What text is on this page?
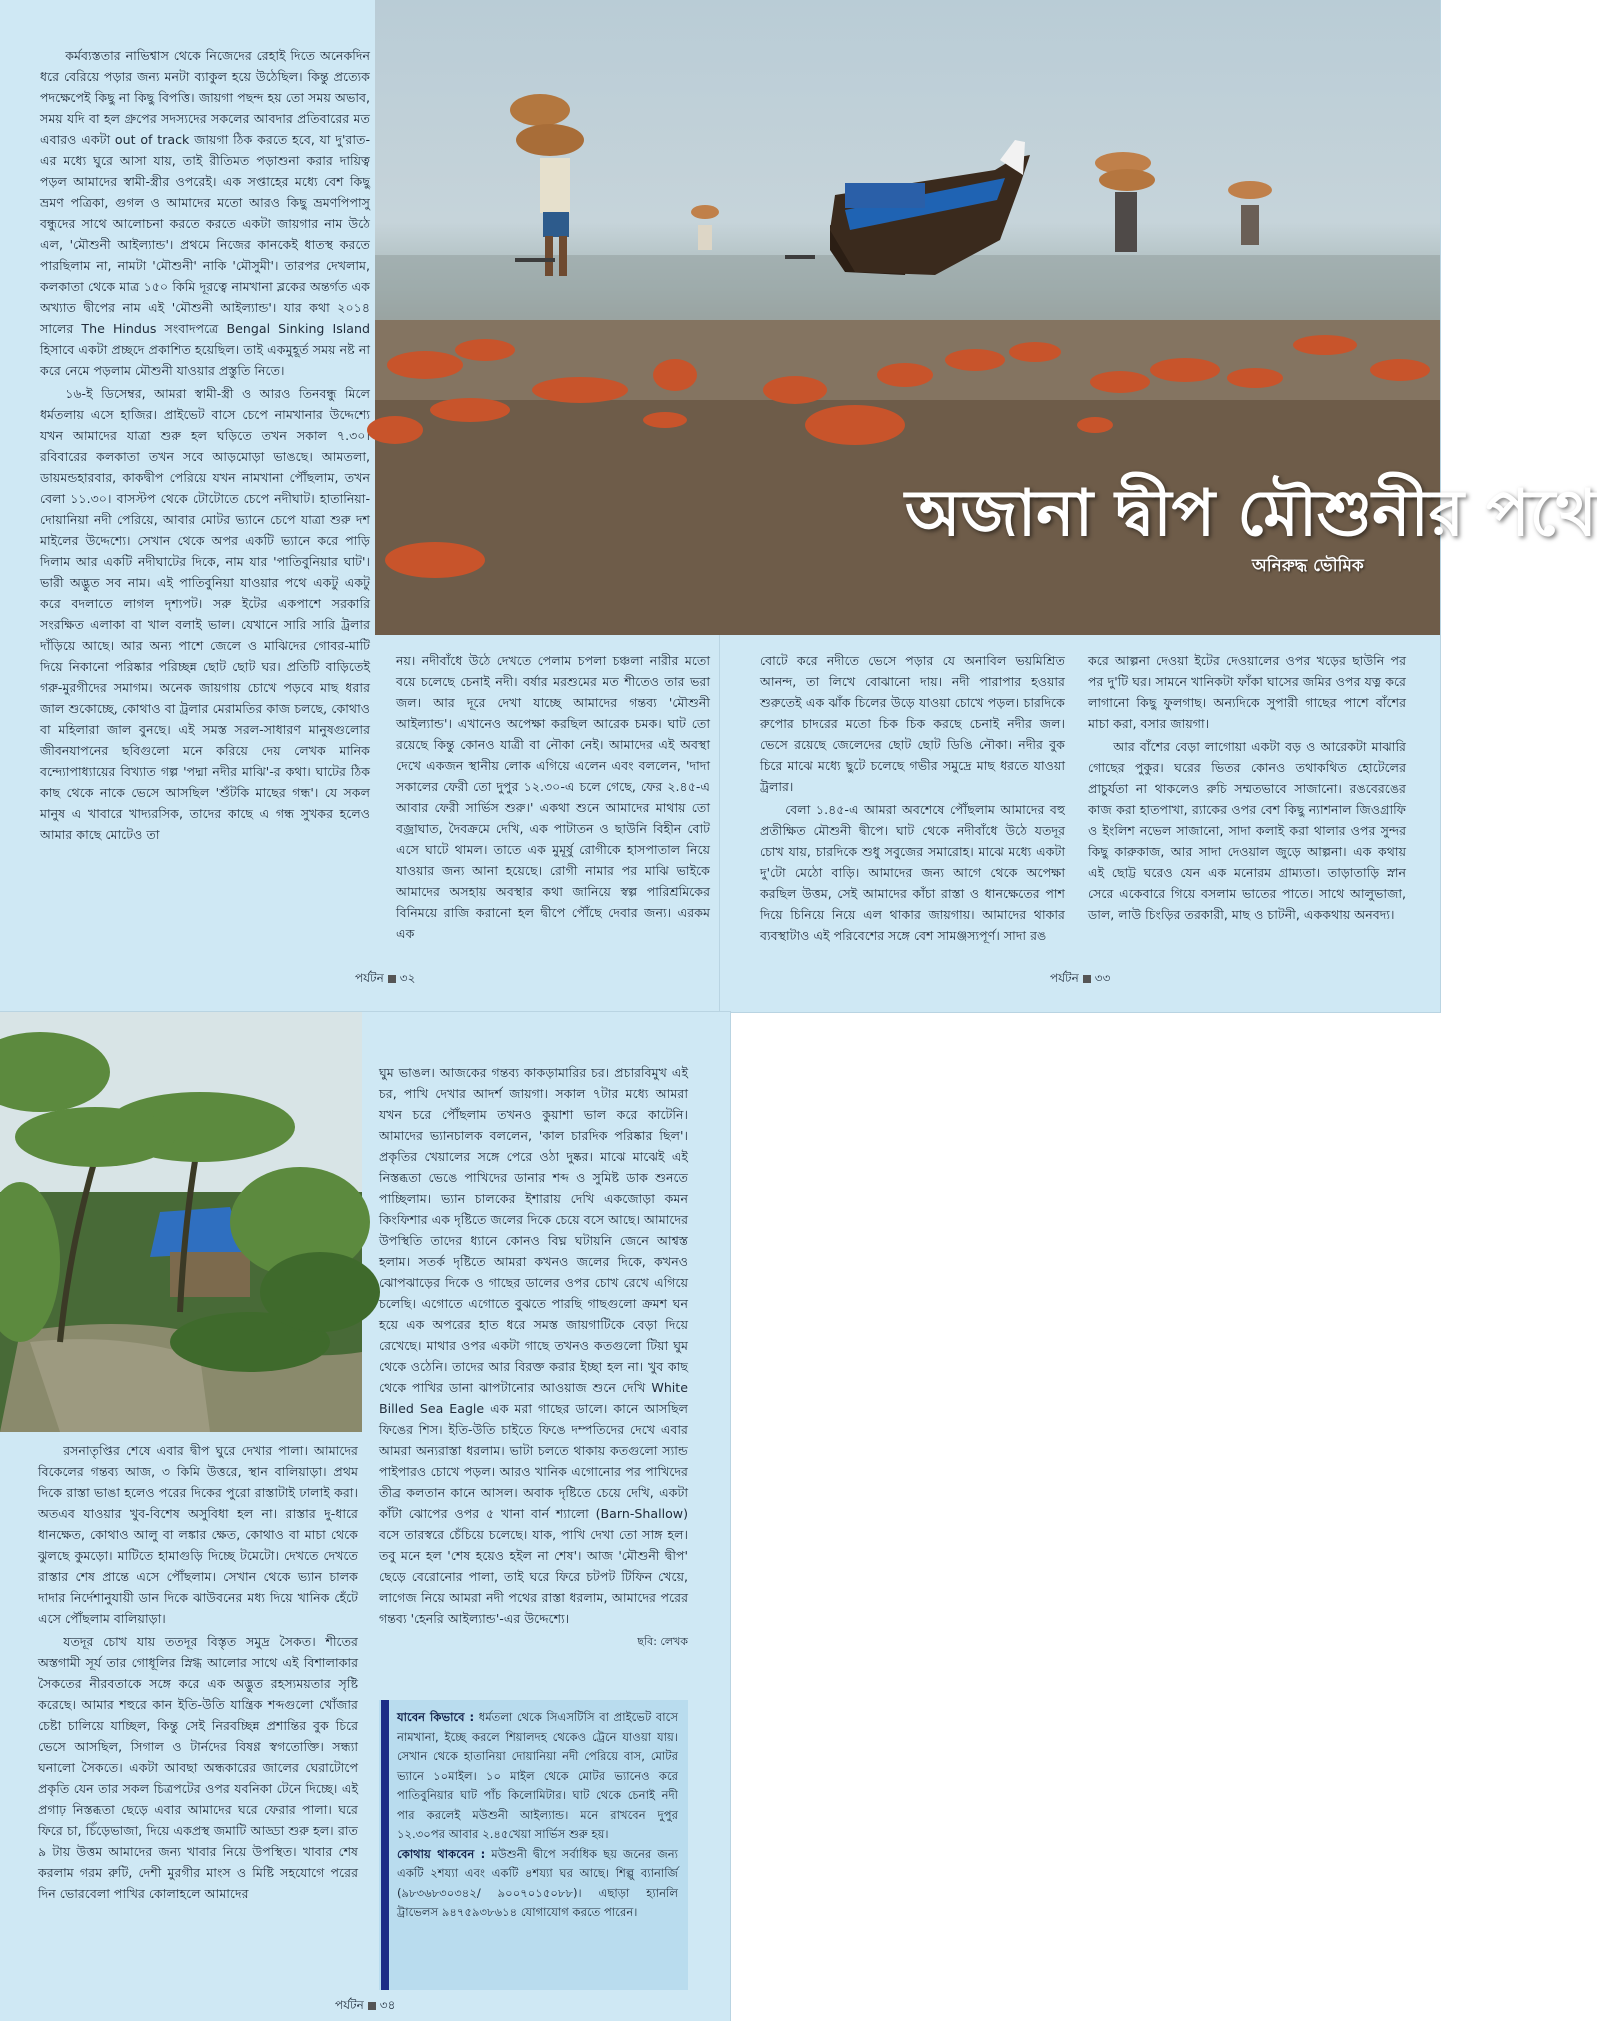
কর্মব্যস্ততার নাভিশ্বাস থেকে নিজেদের রেহাই দিতে অনেকদিন ধরে বেরিয়ে পড়ার জন্য মনটা ব্যাকুল হয়ে উঠেছিল। কিন্তু প্রত্যেক পদক্ষেপেই কিছু না কিছু বিপত্তি। জায়গা পছন্দ হয় তো সময় অভাব, সময় যদি বা হল গ্রুপের সদস্যদের সকলের আবদার প্রতিবারের মত এবারও একটা out of track জায়গা ঠিক করতে হবে, যা দু'রাত-এর মধ্যে ঘুরে আসা যায়, তাই রীতিমত পড়াশুনা করার দায়িত্ব পড়ল আমাদের স্বামী-স্ত্রীর ওপরেই। এক সপ্তাহের মধ্যে বেশ কিছু ভ্রমণ পত্রিকা, গুগল ও আমাদের মতো আরও কিছু ভ্রমণপিপাসু বন্ধুদের সাথে আলোচনা করতে করতে একটা জায়গার নাম উঠে এল, 'মৌশুনী আইল্যান্ড'। প্রথমে নিজের কানকেই ধাতস্থ করতে পারছিলাম না, নামটা 'মৌশুনী' নাকি 'মৌসুমী'। তারপর দেখলাম, কলকাতা থেকে মাত্র ১৫০ কিমি দূরত্বে নামখানা ব্লকের অন্তর্গত এক অখ্যাত দ্বীপের নাম এই 'মৌশুনী আইল্যান্ড'। যার কথা ২০১৪ সালের The Hindus সংবাদপত্রে Bengal Sinking Island হিসাবে একটা প্রচ্ছদে প্রকাশিত হয়েছিল। তাই একমুহূর্ত সময় নষ্ট না করে নেমে পড়লাম মৌশুনী যাওয়ার প্রস্তুতি নিতে।

১৬-ই ডিসেম্বর, আমরা স্বামী-স্ত্রী ও আরও তিনবন্ধু মিলে ধর্মতলায় এসে হাজির। প্রাইভেট বাসে চেপে নামখানার উদ্দেশ্যে যখন আমাদের যাত্রা শুরু হল ঘড়িতে তখন সকাল ৭.৩০। রবিবারের কলকাতা তখন সবে আড়মোড়া ভাঙছে। আমতলা, ডায়মন্ডহারবার, কাকদ্বীপ পেরিয়ে যখন নামখানা পৌঁছলাম, তখন বেলা ১১.৩০। বাসস্টপ থেকে টোটোতে চেপে নদীঘাট। হাতানিয়া-দোয়ানিয়া নদী পেরিয়ে, আবার মোটর ভ্যানে চেপে যাত্রা শুরু দশ মাইলের উদ্দেশ্যে। সেখান থেকে অপর একটি ভ্যানে করে পাড়ি দিলাম আর একটি নদীঘাটের দিকে, নাম যার 'পাতিবুনিয়ার ঘাট'। ভারী অদ্ভুত সব নাম। এই পাতিবুনিয়া যাওয়ার পথে একটু একটু করে বদলাতে লাগল দৃশ্যপট। সরু ইটের একপাশে সরকারি সংরক্ষিত এলাকা বা খাল বলাই ভাল। যেখানে সারি সারি ট্রলার দাঁড়িয়ে আছে। আর অন্য পাশে জেলে ও মাঝিদের গোবর-মাটি দিয়ে নিকানো পরিষ্কার পরিচ্ছন্ন ছোট ছোট ঘর। প্রতিটি বাড়িতেই গরু-মুরগীদের সমাগম। অনেক জায়গায় চোখে পড়বে মাছ ধরার জাল শুকোচ্ছে, কোথাও বা ট্রলার মেরামতির কাজ চলছে, কোথাও বা মহিলারা জাল বুনছে। এই সমস্ত সরল-সাধারণ মানুষগুলোর জীবনযাপনের ছবিগুলো মনে করিয়ে দেয় লেখক মানিক বন্দ্যোপাধ্যায়ের বিখ্যাত গল্প 'পদ্মা নদীর মাঝি'-র কথা। ঘাটের ঠিক কাছ থেকে নাকে ভেসে আসছিল 'শুঁটকি মাছের গন্ধ'। যে সকল মানুষ এ খাবারে খাদ্যরসিক, তাদের কাছে এ গন্ধ সুখকর হলেও আমার কাছে মোটেও তা

নয়। নদীবাঁধে উঠে দেখতে পেলাম চপলা চঞ্চলা নারীর মতো বয়ে চলেছে চেনাই নদী। বর্ষার মরশুমের মত শীতেও তার ভরা জল। আর দূরে দেখা যাচ্ছে আমাদের গন্তব্য 'মৌশুনী আইল্যান্ড'। এখানেও অপেক্ষা করছিল আরেক চমক। ঘাট তো রয়েছে কিন্তু কোনও যাত্রী বা নৌকা নেই। আমাদের এই অবস্থা দেখে একজন স্থানীয় লোক এগিয়ে এলেন এবং বললেন, 'দাদা সকালের ফেরী তো দুপুর ১২.৩০-এ চলে গেছে, ফের ২.৪৫-এ আবার ফেরী সার্ভিস শুরু।' একথা শুনে আমাদের মাথায় তো বজ্রাঘাত, দৈবক্রমে দেখি, এক পাটাতন ও ছাউনি বিহীন বোট এসে ঘাটে থামল। তাতে এক মুমূর্ষু রোগীকে হাসপাতাল নিয়ে যাওয়ার জন্য আনা হয়েছে। রোগী নামার পর মাঝি ভাইকে আমাদের অসহায় অবস্থার কথা জানিয়ে স্বল্প পারিশ্রমিকের বিনিময়ে রাজি করানো হল দ্বীপে পৌঁছে দেবার জন্য। এরকম এক

পর্যটন ৩২

বোটে করে নদীতে ভেসে পড়ার যে অনাবিল ভয়মিশ্রিত আনন্দ, তা লিখে বোঝানো দায়। নদী পারাপার হওয়ার শুরুতেই এক ঝাঁক চিলের উড়ে যাওয়া চোখে পড়ল। চারদিকে রুপোর চাদরের মতো চিক চিক করছে চেনাই নদীর জল। ভেসে রয়েছে জেলেদের ছোট ছোট ডিঙি নৌকা। নদীর বুক চিরে মাঝে মধ্যে ছুটে চলেছে গভীর সমুদ্রে মাছ ধরতে যাওয়া ট্রলার।

বেলা ১.৪৫-এ আমরা অবশেষে পৌঁছলাম আমাদের বহু প্রতীক্ষিত মৌশুনী দ্বীপে। ঘাট থেকে নদীবাঁধে উঠে যতদূর চোখ যায়, চারদিকে শুধু সবুজের সমারোহ। মাঝে মধ্যে একটা দু'টো মেঠো বাড়ি। আমাদের জন্য আগে থেকে অপেক্ষা করছিল উত্তম, সেই আমাদের কাঁচা রাস্তা ও ধানক্ষেতের পাশ দিয়ে চিনিয়ে নিয়ে এল থাকার জায়গায়। আমাদের থাকার ব্যবস্থাটাও এই পরিবেশের সঙ্গে বেশ সামঞ্জস্যপূর্ণ। সাদা রঙ

করে আল্পনা দেওয়া ইটের দেওয়ালের ওপর খড়ের ছাউনি পর পর দু'টি ঘর। সামনে খানিকটা ফাঁকা ঘাসের জমির ওপর যত্ন করে লাগানো কিছু ফুলগাছ। অন্যদিকে সুপারী গাছের পাশে বাঁশের মাচা করা, বসার জায়গা।

আর বাঁশের বেড়া লাগোয়া একটা বড় ও আরেকটা মাঝারি গোছের পুকুর। ঘরের ভিতর কোনও তথাকথিত হোটেলের প্রাচুর্যতা না থাকলেও রুচি সম্মতভাবে সাজানো। রঙবেরঙের কাজ করা হাতপাখা, র‍্যাকের ওপর বেশ কিছু ন্যাশনাল জিওগ্রাফি ও ইংলিশ নভেল সাজানো, সাদা কলাই করা থালার ওপর সুন্দর কিছু কারুকাজ, আর সাদা দেওয়াল জুড়ে আল্পনা। এক কথায় এই ছোট্ট ঘরেও যেন এক মনোরম গ্রাম্যতা। তাড়াতাড়ি স্নান সেরে একেবারে গিয়ে বসলাম ভাতের পাতে। সাথে আলুভাজা, ডাল, লাউ চিংড়ির তরকারী, মাছ ও চাটনী, এককথায় অনবদ্য।

পর্যটন ৩৩
অজানা দ্বীপ মৌশুনীর পথে
অনিরুদ্ধ ভৌমিক

রসনাতৃপ্তির শেষে এবার দ্বীপ ঘুরে দেখার পালা। আমাদের বিকেলের গন্তব্য আজ, ৩ কিমি উত্তরে, স্থান বালিয়াড়া। প্রথম দিকে রাস্তা ভাঙা হলেও পরের দিকের পুরো রাস্তাটাই ঢালাই করা। অতএব যাওয়ার খুব-বিশেষ অসুবিধা হল না। রাস্তার দু-ধারে ধানক্ষেত, কোথাও আলু বা লঙ্কার ক্ষেত, কোথাও বা মাচা থেকে ঝুলছে কুমড়ো। মাটিতে হামাগুড়ি দিচ্ছে টমেটো। দেখতে দেখতে রাস্তার শেষ প্রান্তে এসে পৌঁছলাম। সেখান থেকে ভ্যান চালক দাদার নির্দেশানুযায়ী ডান দিকে ঝাউবনের মধ্য দিয়ে খানিক হেঁটে এসে পৌঁছলাম বালিয়াড়া।

যতদূর চোখ যায় ততদূর বিস্তৃত সমুদ্র সৈকত। শীতের অস্তগামী সূর্য তার গোধূলির স্নিগ্ধ আলোর সাথে এই বিশালাকার সৈকতের নীরবতাকে সঙ্গে করে এক অদ্ভুত রহস্যময়তার সৃষ্টি করেছে। আমার শহুরে কান ইতি-উতি যান্ত্রিক শব্দগুলো খোঁজার চেষ্টা চালিয়ে যাচ্ছিল, কিন্তু সেই নিরবচ্ছিন্ন প্রশান্তির বুক চিরে ভেসে আসছিল, সিগাল ও টার্নদের বিষণ্ণ স্বগতোক্তি। সন্ধ্যা ঘনালো সৈকতে। একটা আবছা অন্ধকারের জালের ঘেরাটোপে প্রকৃতি যেন তার সকল চিত্রপটের ওপর যবনিকা টেনে দিচ্ছে। এই প্রগাঢ় নিস্তব্ধতা ছেড়ে এবার আমাদের ঘরে ফেরার পালা। ঘরে ফিরে চা, চিঁড়েভাজা, দিয়ে একপ্রস্থ জমাটি আড্ডা শুরু হল। রাত ৯ টায় উত্তম আমাদের জন্য খাবার নিয়ে উপস্থিত। খাবার শেষ করলাম গরম রুটি, দেশী মুরগীর মাংস ও মিষ্টি সহযোগে পরের দিন ভোরবেলা পাখির কোলাহলে আমাদের

ঘুম ভাঙল। আজকের গন্তব্য কাকড়ামারির চর। প্রচারবিমুখ এই চর, পাখি দেখার আদর্শ জায়গা। সকাল ৭টার মধ্যে আমরা যখন চরে পৌঁছলাম তখনও কুয়াশা ভাল করে কাটেনি। আমাদের ভ্যানচালক বললেন, 'কাল চারদিক পরিষ্কার ছিল'। প্রকৃতির খেয়ালের সঙ্গে পেরে ওঠা দুষ্কর। মাঝে মাঝেই এই নিস্তব্ধতা ভেঙে পাখিদের ডানার শব্দ ও সুমিষ্ট ডাক শুনতে পাচ্ছিলাম। ভ্যান চালকের ইশারায় দেখি একজোড়া কমন কিংফিশার এক দৃষ্টিতে জলের দিকে চেয়ে বসে আছে। আমাদের উপস্থিতি তাদের ধ্যানে কোনও বিঘ্ন ঘটায়নি জেনে আশ্বস্ত হলাম। সতর্ক দৃষ্টিতে আমরা কখনও জলের দিকে, কখনও ঝোপঝাড়ের দিকে ও গাছের ডালের ওপর চোখ রেখে এগিয়ে চলেছি। এগোতে এগোতে বুঝতে পারছি গাছগুলো ক্রমশ ঘন হয়ে এক অপরের হাত ধরে সমস্ত জায়গাটিকে বেড়া দিয়ে রেখেছে। মাথার ওপর একটা গাছে তখনও কতগুলো টিয়া ঘুম থেকে ওঠেনি। তাদের আর বিরক্ত করার ইচ্ছা হল না। খুব কাছ থেকে পাখির ডানা ঝাপটানোর আওয়াজ শুনে দেখি White Billed Sea Eagle এক মরা গাছের ডালে। কানে আসছিল ফিঙের শিস। ইতি-উতি চাইতে ফিঙে দম্পতিদের দেখে এবার আমরা অন্যরাস্তা ধরলাম। ভাটা চলতে থাকায় কতগুলো স্যান্ড পাইপারও চোখে পড়ল। আরও খানিক এগোনোর পর পাখিদের তীব্র কলতান কানে আসল। অবাক দৃষ্টিতে চেয়ে দেখি, একটা কাঁটা ঝোপের ওপর ৫ খানা বার্ন শ্যালো (Barn-Shallow) বসে তারস্বরে চেঁচিয়ে চলেছে। যাক, পাখি দেখা তো সাঙ্গ হল। তবু মনে হল 'শেষ হয়েও হইল না শেষ'। আজ 'মৌশুনী দ্বীপ' ছেড়ে বেরোনোর পালা, তাই ঘরে ফিরে চটপট টিফিন খেয়ে, লাগেজ নিয়ে আমরা নদী পথের রাস্তা ধরলাম, আমাদের পরের গন্তব্য 'হেনরি আইল্যান্ড'-এর উদ্দেশ্যে।

ছবি: লেখক

পর্যটন ৩৪
যাবেন কিভাবে : ধর্মতলা থেকে সিএসটিসি বা প্রাইভেট বাসে নামখানা, ইচ্ছে করলে শিয়ালদহ থেকেও ট্রেনে যাওয়া যায়। সেখান থেকে হাতানিয়া দোয়ানিয়া নদী পেরিয়ে বাস, মোটর ভ্যানে ১০মাইল। ১০ মাইল থেকে মোটর ভ্যানেও করে পাতিবুনিয়ার ঘাট পাঁচ কিলোমিটার। ঘাট থেকে চেনাই নদী পার করলেই মউশুনী আইল্যান্ড। মনে রাখবেন দুপুর ১২.৩০পর আবার ২.৪৫খেয়া সার্ভিস শুরু হয়।
কোথায় থাকবেন : মউশুনী দ্বীপে সর্বাধিক ছয় জনের জন্য একটি ২শয্যা এবং একটি ৪শয্যা ঘর আছে। শিল্পু ব্যানার্জি (৯৮৩৬৮৩০৩৪২/ ৯০০৭০১৫০৮৮)। এছাড়া হ্যানলি ট্রাভেলস ৯৪৭৫৯৩৮৬১৪ যোগাযোগ করতে পারেন।
